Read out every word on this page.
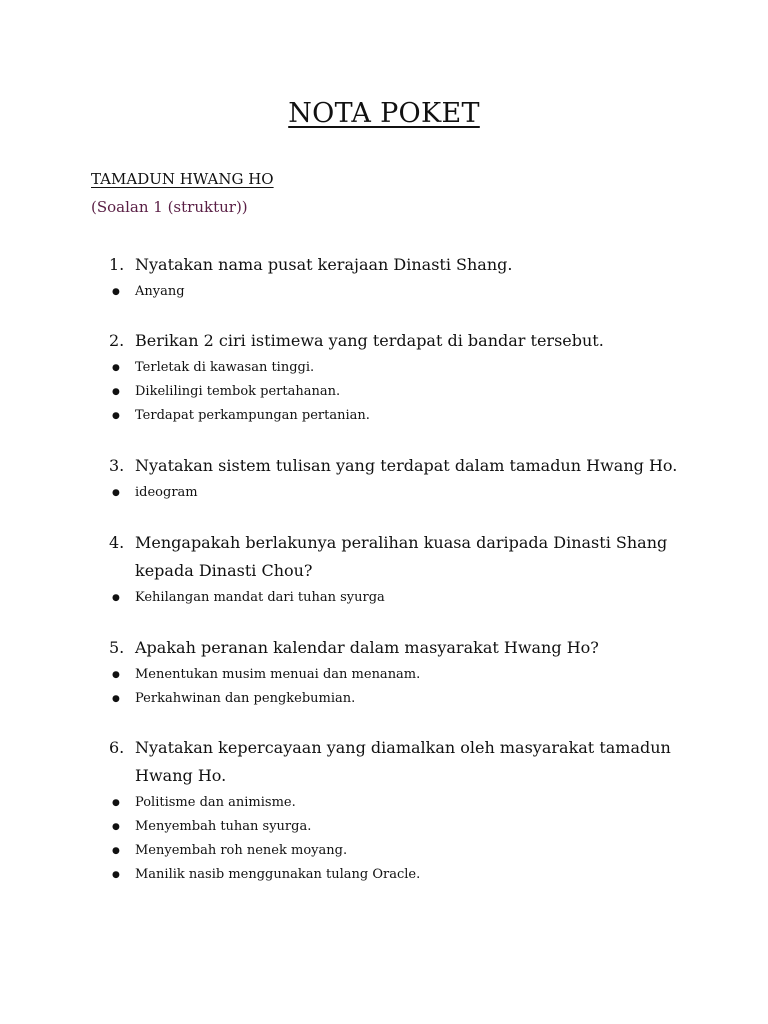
NOTA POKET
TAMADUN HWANG HO
(Soalan 1 (struktur))
1. Nyatakan nama pusat kerajaan Dinasti Shang.
●	Anyang
2. Berikan 2 ciri istimewa yang terdapat di bandar tersebut.
●	Terletak di kawasan tinggi.
●	Dikelilingi tembok pertahanan.
●	Terdapat perkampungan pertanian.
3. Nyatakan sistem tulisan yang terdapat dalam tamadun Hwang Ho.
●	ideogram
4. Mengapakah berlakunya peralihan kuasa daripada Dinasti Shang kepada Dinasti Chou?
●	Kehilangan mandat dari tuhan syurga
5. Apakah peranan kalendar dalam masyarakat Hwang Ho?
●	Menentukan musim menuai dan menanam.
●	Perkahwinan dan pengkebumian.
6. Nyatakan kepercayaan yang diamalkan oleh masyarakat tamadun Hwang Ho.
●	Politisme dan animisme.
●	Menyembah tuhan syurga.
●	Menyembah roh nenek moyang.
●	Manilik nasib menggunakan tulang Oracle.
